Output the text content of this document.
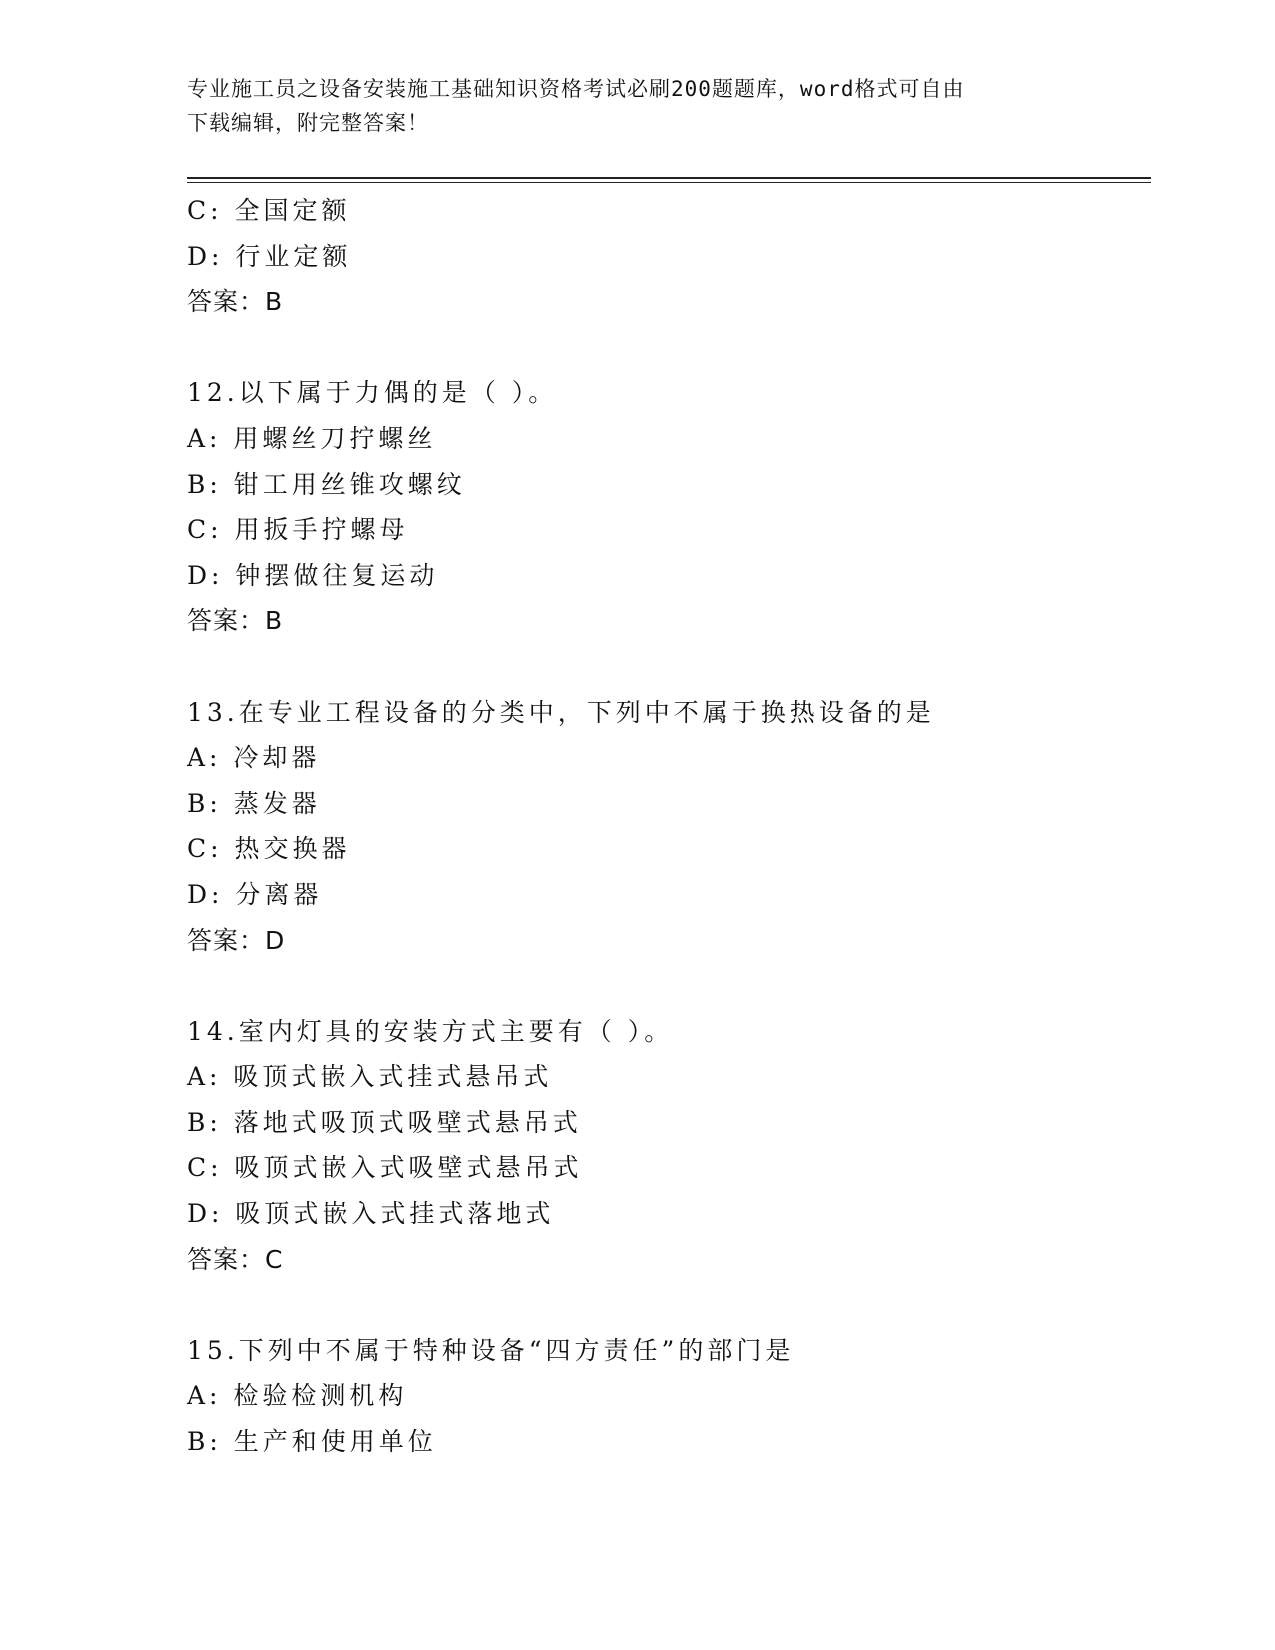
专业施工员之设备安装施工基础知识资格考试必刷200题题库，word格式可自由
下载编辑，附完整答案！
C: 全国定额
D: 行业定额
答案：B
12.以下属于力偶的是（ ）。
A: 用螺丝刀拧螺丝
B: 钳工用丝锥攻螺纹
C: 用扳手拧螺母
D: 钟摆做往复运动
答案：B
13.在专业工程设备的分类中，下列中不属于换热设备的是
A: 冷却器
B: 蒸发器
C: 热交换器
D: 分离器
答案：D
14.室内灯具的安装方式主要有（ ）。
A: 吸顶式嵌入式挂式悬吊式
B: 落地式吸顶式吸壁式悬吊式
C: 吸顶式嵌入式吸壁式悬吊式
D: 吸顶式嵌入式挂式落地式
答案：C
15.下列中不属于特种设备“四方责任”的部门是
A: 检验检测机构
B: 生产和使用单位
